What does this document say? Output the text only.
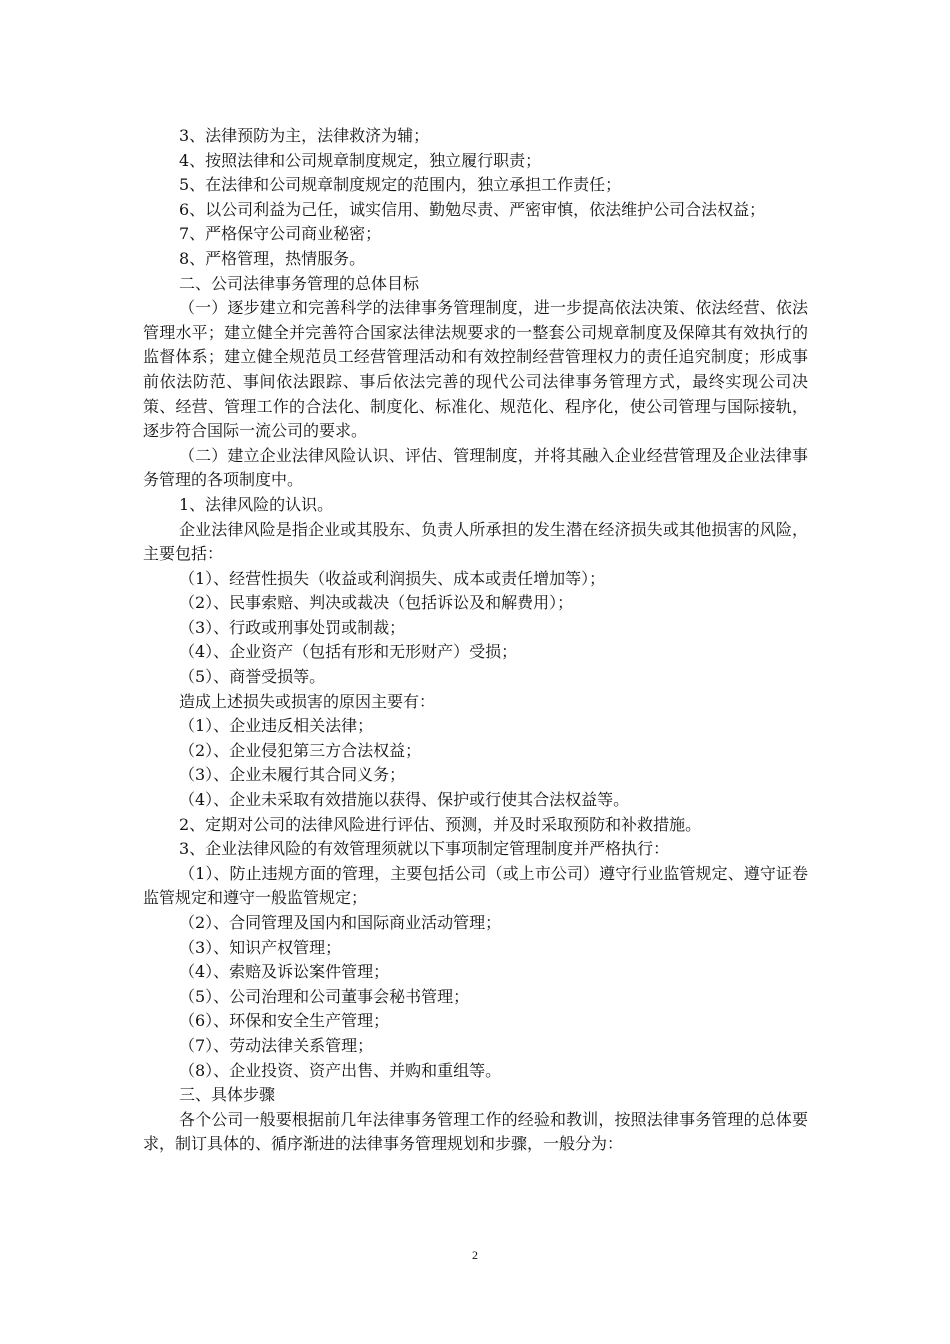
3、法律预防为主，法律救济为辅；

4、按照法律和公司规章制度规定，独立履行职责；

5、在法律和公司规章制度规定的范围内，独立承担工作责任；

6、以公司利益为己任，诚实信用、勤勉尽责、严密审慎，依法维护公司合法权益；

7、严格保守公司商业秘密；

8、严格管理，热情服务。

二、公司法律事务管理的总体目标

（一）逐步建立和完善科学的法律事务管理制度，进一步提高依法决策、依法经营、依法管理水平；建立健全并完善符合国家法律法规要求的一整套公司规章制度及保障其有效执行的监督体系；建立健全规范员工经营管理活动和有效控制经营管理权力的责任追究制度；形成事前依法防范、事间依法跟踪、事后依法完善的现代公司法律事务管理方式，最终实现公司决策、经营、管理工作的合法化、制度化、标准化、规范化、程序化，使公司管理与国际接轨，逐步符合国际一流公司的要求。

（二）建立企业法律风险认识、评估、管理制度，并将其融入企业经营管理及企业法律事务管理的各项制度中。

1、法律风险的认识。

企业法律风险是指企业或其股东、负责人所承担的发生潜在经济损失或其他损害的风险，主要包括：

（1）、经营性损失（收益或利润损失、成本或责任增加等）；

（2）、民事索赔、判决或裁决（包括诉讼及和解费用）；

（3）、行政或刑事处罚或制裁；

（4）、企业资产（包括有形和无形财产）受损；

（5）、商誉受损等。

造成上述损失或损害的原因主要有：

（1）、企业违反相关法律；

（2）、企业侵犯第三方合法权益；

（3）、企业未履行其合同义务；

（4）、企业未采取有效措施以获得、保护或行使其合法权益等。

2、定期对公司的法律风险进行评估、预测，并及时采取预防和补救措施。

3、企业法律风险的有效管理须就以下事项制定管理制度并严格执行：

（1）、防止违规方面的管理，主要包括公司（或上市公司）遵守行业监管规定、遵守证卷监管规定和遵守一般监管规定；

（2）、合同管理及国内和国际商业活动管理；

（3）、知识产权管理；

（4）、索赔及诉讼案件管理；

（5）、公司治理和公司董事会秘书管理；

（6）、环保和安全生产管理；

（7）、劳动法律关系管理；

（8）、企业投资、资产出售、并购和重组等。

三、具体步骤

各个公司一般要根据前几年法律事务管理工作的经验和教训，按照法律事务管理的总体要求，制订具体的、循序渐进的法律事务管理规划和步骤，一般分为：

2
